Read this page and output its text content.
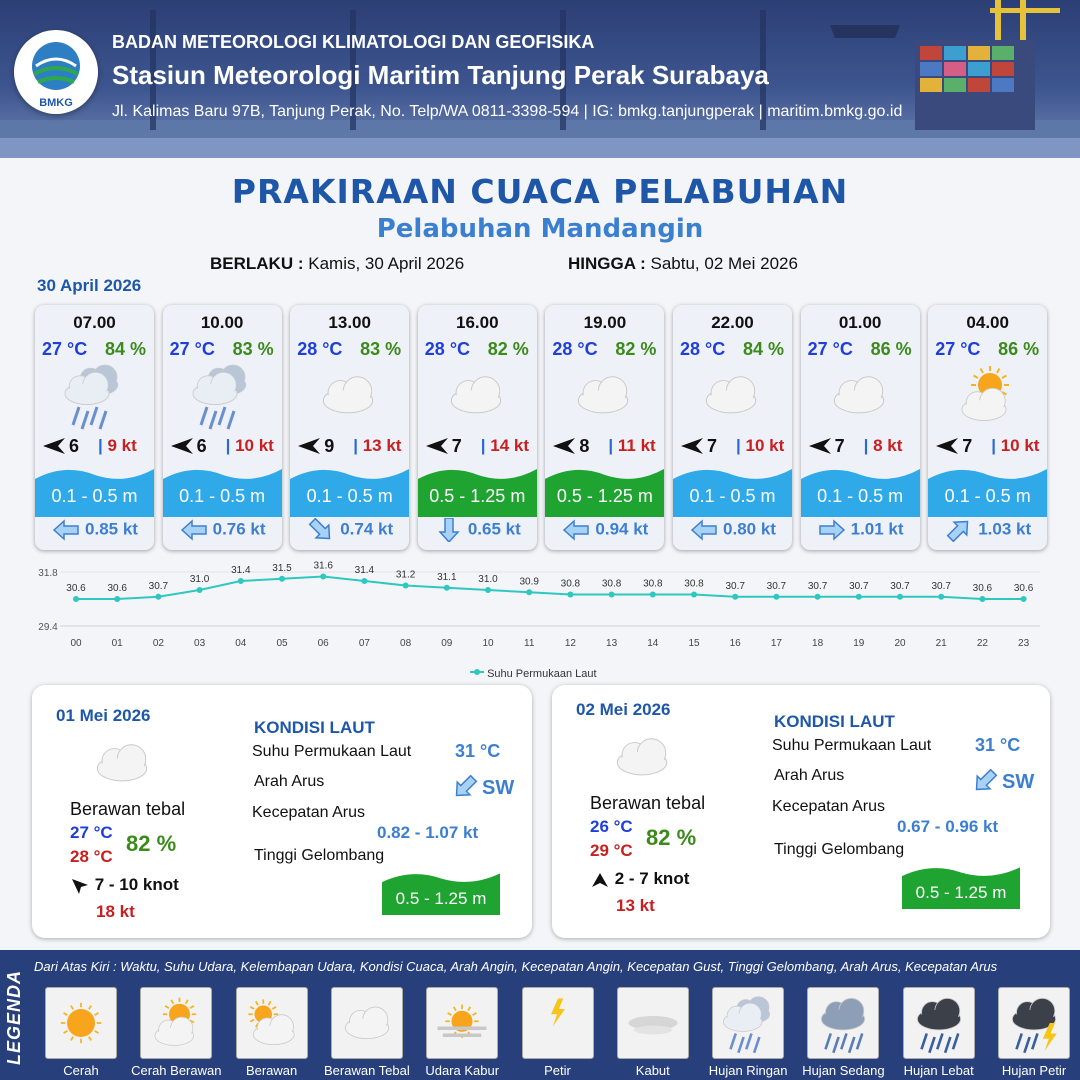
BMKG
BADAN METEOROLOGI KLIMATOLOGI DAN GEOFISIKA
Stasiun Meteorologi Maritim Tanjung Perak Surabaya
Jl. Kalimas Baru 97B, Tanjung Perak, No. Telp/WA 0811-3398-594 | IG: bmkg.tanjungperak | maritim.bmkg.go.id
PRAKIRAAN CUACA PELABUHAN
Pelabuhan Mandangin
BERLAKU : Kamis, 30 April 2026	HINGGA : Sabtu, 02 Mei 2026
30 April 2026
07.00
27 °C 84 %
6 | 9 kt
0.1 - 0.5 m
0.85 kt
10.00
27 °C 83 %
6 | 10 kt
0.1 - 0.5 m
0.76 kt
13.00
28 °C 83 %
9 | 13 kt
0.1 - 0.5 m
0.74 kt
16.00
28 °C 82 %
7 | 14 kt
0.5 - 1.25 m
0.65 kt
19.00
28 °C 82 %
8 | 11 kt
0.5 - 1.25 m
0.94 kt
22.00
28 °C 84 %
7 | 10 kt
0.1 - 0.5 m
0.80 kt
01.00
27 °C 86 %
7 | 8 kt
0.1 - 0.5 m
1.01 kt
04.00
27 °C 86 %
7 | 10 kt
0.1 - 0.5 m
1.03 kt
31.8
29.4
30.6
00
30.6
01
30.7
02
31.0
03
31.4
04
31.5
05
31.6
06
31.4
07
31.2
08
31.1
09
31.0
10
30.9
11
30.8
12
30.8
13
30.8
14
30.8
15
30.7
16
30.7
17
30.7
18
30.7
19
30.7
20
30.7
21
30.6
22
30.6
23
Suhu Permukaan Laut
01 Mei 2026
Berawan tebal
27 °C
28 °C
82 %
7 - 10 knot
18 kt
KONDISI LAUT
Suhu Permukaan Laut 31 °C
Arah Arus	SW
Kecepatan Arus
0.82 - 1.07 kt
Tinggi Gelombang
0.5 - 1.25 m
02 Mei 2026
Berawan tebal
26 °C
29 °C
82 %
2 - 7 knot
13 kt
KONDISI LAUT
Suhu Permukaan Laut 31 °C
Arah Arus	SW
Kecepatan Arus
0.67 - 0.96 kt
Tinggi Gelombang
0.5 - 1.25 m
LEGENDA
Dari Atas Kiri : Waktu, Suhu Udara, Kelembapan Udara, Kondisi Cuaca, Arah Angin, Kecepatan Angin, Kecepatan Gust, Tinggi Gelombang, Arah Arus, Kecepatan Arus
Cerah	Cerah Berawan	Berawan	Berawan Tebal	Udara Kabur	Petir	Kabut	Hujan Ringan	Hujan Sedang	Hujan Lebat	Hujan Petir
